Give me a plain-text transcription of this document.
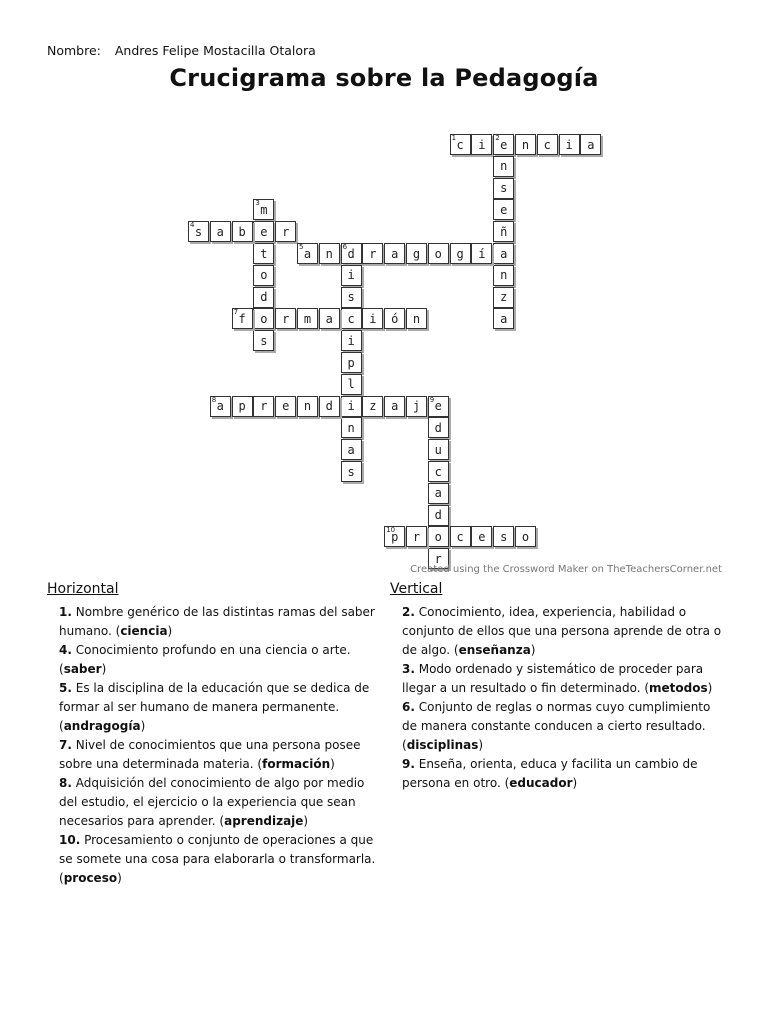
Nombre: Andres Felipe Mostacilla Otalora
Crucigrama sobre la Pedagogía
c
1 i e
2 n c i a
n
s
e
ñ
a
n
z
a
m
3
e
t
o
d
o
s
s
4 a b	r
a
5 n d
6 r a g o g í
i
s
c
i
p
l
i
n
a
s
f
7	r m a	i ó n
a
8 p r e n d	z a j e
9
d
u
c
a
d
o
r
p
10 r	c e s o
Created using the Crossword Maker on TheTeachersCorner.net
Horizontal
1. Nombre genérico de las distintas ramas del saber humano. (ciencia)
4. Conocimiento profundo en una ciencia o arte. (saber)
5. Es la disciplina de la educación que se dedica de formar al ser humano de manera permanente. (andragogía)
7. Nivel de conocimientos que una persona posee sobre una determinada materia. (formación)
8. Adquisición del conocimiento de algo por medio del estudio, el ejercicio o la experiencia que sean necesarios para aprender. (aprendizaje)
10. Procesamiento o conjunto de operaciones a que se somete una cosa para elaborarla o transformarla. (proceso)
Vertical
2. Conocimiento, idea, experiencia, habilidad o conjunto de ellos que una persona aprende de otra o de algo. (enseñanza)
3. Modo ordenado y sistemático de proceder para llegar a un resultado o fin determinado. (metodos)
6. Conjunto de reglas o normas cuyo cumplimiento de manera constante conducen a cierto resultado. (disciplinas)
9. Enseña, orienta, educa y facilita un cambio de persona en otro. (educador)
